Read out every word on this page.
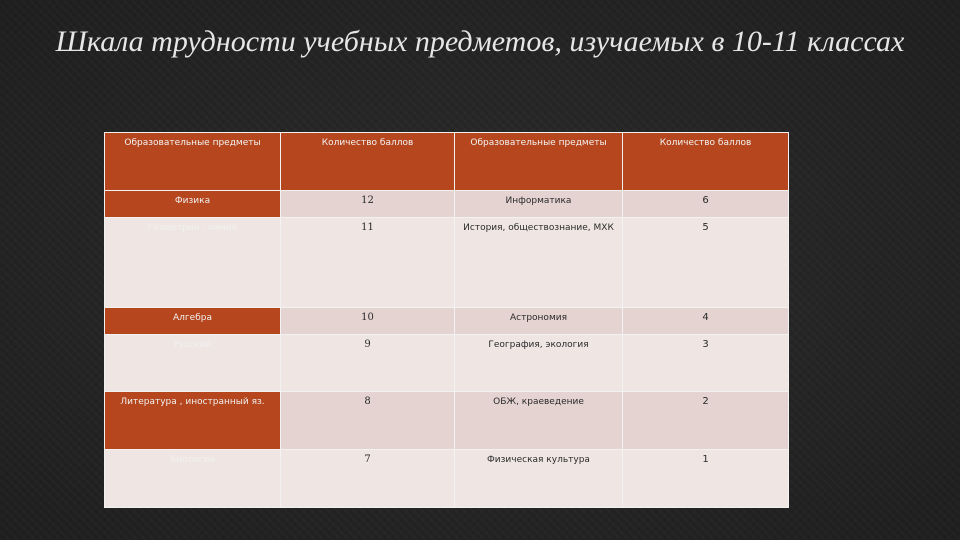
Шкала трудности учебных предметов, изучаемых в 10-11 классах
Образовательные предметы	Количество баллов	Образовательные предметы	Количество баллов
Физика	12	Информатика	6
Геометрия , химия	11	История, обществознание, МХК	5
Алгебра	10	Астрономия	4
Русский	9	География, экология	3
Литература , иностранный яз.	8	ОБЖ, краеведение	2
Биология	7	Физическая культура	1
